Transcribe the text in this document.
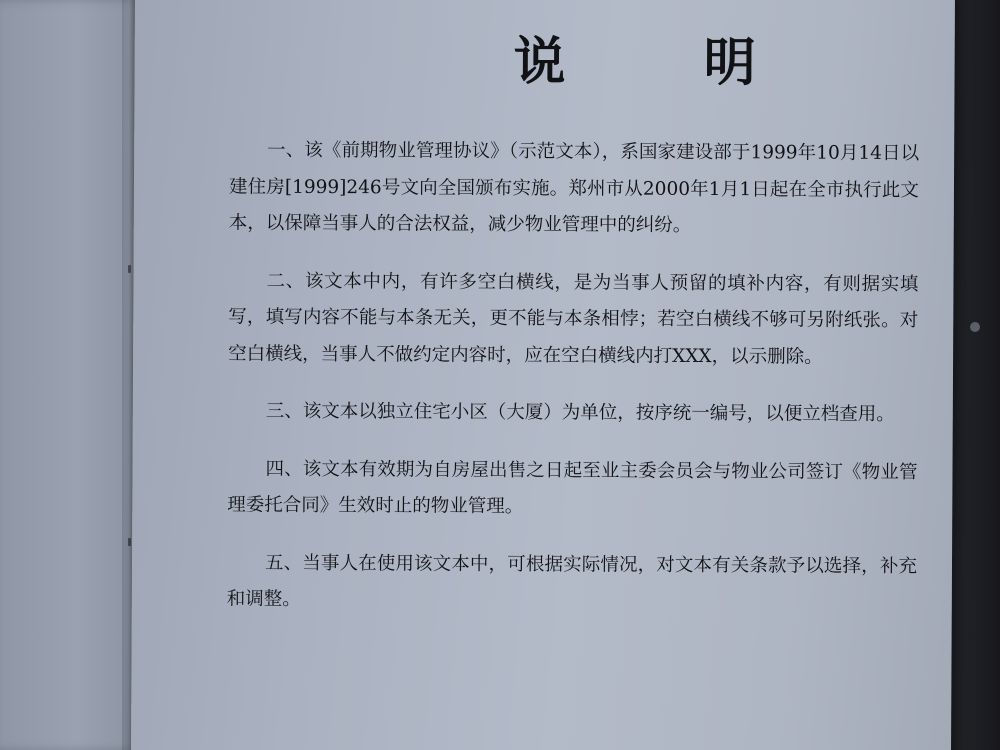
说 明

一、该《前期物业管理协议》（示范文本），系国家建设部于1999年10月14日以建住房[1999]246号文向全国颁布实施。郑州市从2000年1月1日起在全市执行此文本，以保障当事人的合法权益，减少物业管理中的纠纷。

二、该文本中内，有许多空白横线，是为当事人预留的填补内容，有则据实填写，填写内容不能与本条无关，更不能与本条相悖；若空白横线不够可另附纸张。对空白横线，当事人不做约定内容时，应在空白横线内打XXX，以示删除。

三、该文本以独立住宅小区（大厦）为单位，按序统一编号，以便立档查用。

四、该文本有效期为自房屋出售之日起至业主委会员会与物业公司签订《物业管理委托合同》生效时止的物业管理。

五、当事人在使用该文本中，可根据实际情况，对文本有关条款予以选择，补充和调整。
